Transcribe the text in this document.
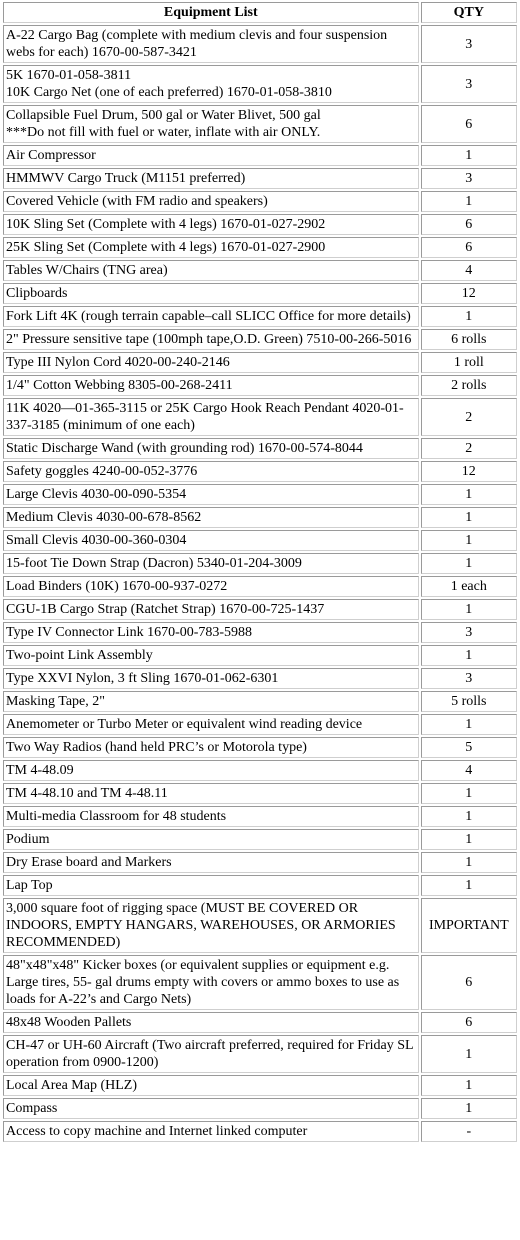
Equipment List	QTY
A-22 Cargo Bag (complete with medium clevis and four suspension webs for each) 1670-00-587-3421	3
5K 1670-01-058-3811
10K Cargo Net (one of each preferred) 1670-01-058-3810	3
Collapsible Fuel Drum, 500 gal or Water Blivet, 500 gal
***Do not fill with fuel or water, inflate with air ONLY.	6
Air Compressor	1
HMMWV Cargo Truck (M1151 preferred)	3
Covered Vehicle (with FM radio and speakers)	1
10K Sling Set (Complete with 4 legs) 1670-01-027-2902	6
25K Sling Set (Complete with 4 legs) 1670-01-027-2900	6
Tables W/Chairs (TNG area)	4
Clipboards	12
Fork Lift 4K (rough terrain capable–call SLICC Office for more details)	1
2" Pressure sensitive tape (100mph tape,O.D. Green) 7510-00-266-5016	6 rolls
Type III Nylon Cord 4020-00-240-2146	1 roll
1/4" Cotton Webbing 8305-00-268-2411	2 rolls
11K 4020—01-365-3115 or 25K Cargo Hook Reach Pendant 4020-01-337-3185 (minimum of one each)	2
Static Discharge Wand (with grounding rod) 1670-00-574-8044	2
Safety goggles 4240-00-052-3776	12
Large Clevis 4030-00-090-5354	1
Medium Clevis 4030-00-678-8562	1
Small Clevis 4030-00-360-0304	1
15-foot Tie Down Strap (Dacron) 5340-01-204-3009	1
Load Binders (10K) 1670-00-937-0272	1 each
CGU-1B Cargo Strap (Ratchet Strap) 1670-00-725-1437	1
Type IV Connector Link 1670-00-783-5988	3
Two-point Link Assembly	1
Type XXVI Nylon, 3 ft Sling 1670-01-062-6301	3
Masking Tape, 2"	5 rolls
Anemometer or Turbo Meter or equivalent wind reading device	1
Two Way Radios (hand held PRC’s or Motorola type)	5
TM 4-48.09	4
TM 4-48.10 and TM 4-48.11	1
Multi-media Classroom for 48 students	1
Podium	1
Dry Erase board and Markers	1
Lap Top	1
3,000 square foot of rigging space (MUST BE COVERED OR INDOORS, EMPTY HANGARS, WAREHOUSES, OR ARMORIES RECOMMENDED)	IMPORTANT
48"x48"x48" Kicker boxes (or equivalent supplies or equipment e.g. Large tires, 55- gal drums empty with covers or ammo boxes to use as loads for A-22’s and Cargo Nets)	6
48x48 Wooden Pallets	6
CH-47 or UH-60 Aircraft (Two aircraft preferred, required for Friday SL operation from 0900-1200)	1
Local Area Map (HLZ)	1
Compass	1
Access to copy machine and Internet linked computer	-
